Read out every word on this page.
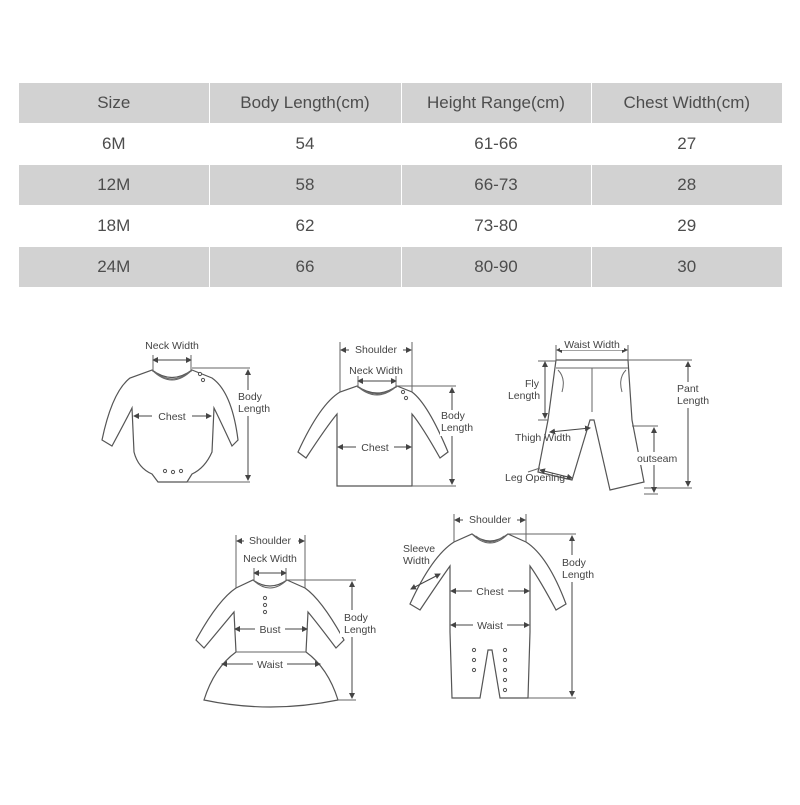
Size	Body Length(cm)	Height Range(cm)	Chest Width(cm)
6M	54	61-66	27
12M	58	66-73	28
18M	62	73-80	29
24M	66	80-90	30
Neck Width
Chest
Body
Length
Shoulder
Neck Width
Chest
Body
Length
Waist Width
Fly
Length
Pant
Length
Thigh Width
outseam
Leg Opening
Shoulder
Neck Width
Bust
Waist
Body
Length
Shoulder
Sleeve
Width
Chest
Waist
Body
Length
